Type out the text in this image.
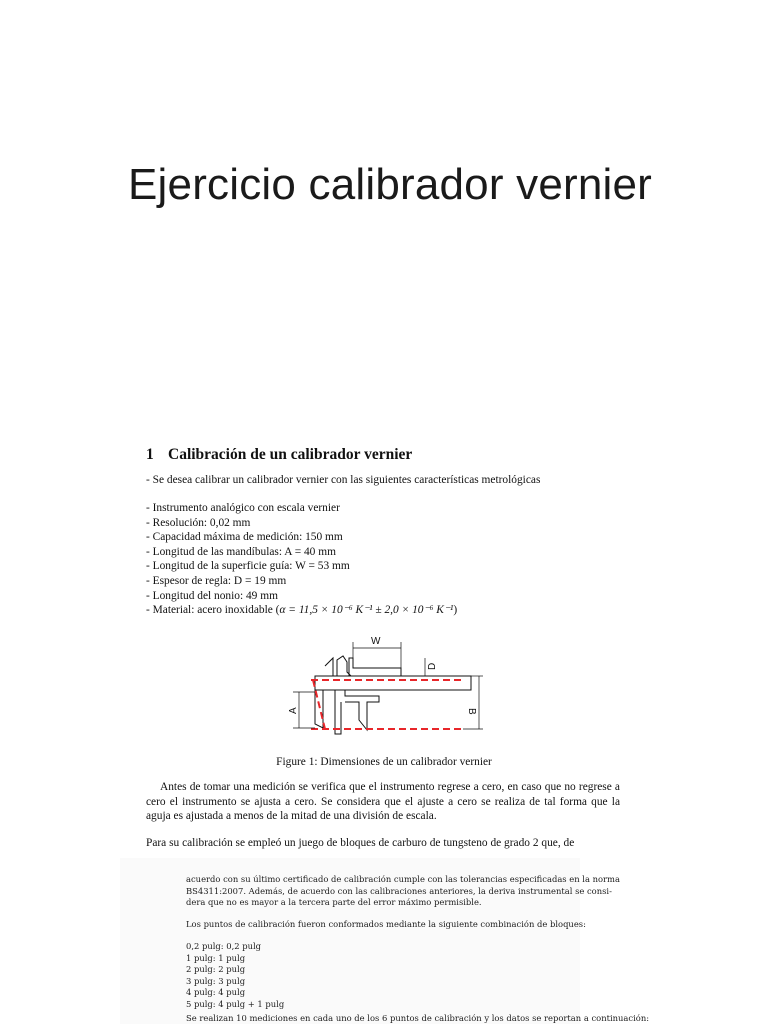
Ejercicio calibrador vernier
1 Calibración de un calibrador vernier
- Se desea calibrar un calibrador vernier con las siguientes características metrológicas
- Instrumento analógico con escala vernier
- Resolución: 0,02 mm
- Capacidad máxima de medición: 150 mm
- Longitud de las mandíbulas: A = 40 mm
- Longitud de la superficie guía: W = 53 mm
- Espesor de regla: D = 19 mm
- Longitud del nonio: 49 mm
- Material: acero inoxidable (α = 11,5 × 10⁻⁶ K⁻¹ ± 2,0 × 10⁻⁶ K⁻¹)
W
D
A	B
Figure 1: Dimensiones de un calibrador vernier
Antes de tomar una medición se verifica que el instrumento regrese a cero, en caso que no regrese a cero el instrumento se ajusta a cero. Se considera que el ajuste a cero se realiza de tal forma que la aguja es ajustada a menos de la mitad de una división de escala.
Para su calibración se empleó un juego de bloques de carburo de tungsteno de grado 2 que, de
acuerdo con su último certificado de calibración cumple con las tolerancias especificadas en la norma
BS4311:2007. Además, de acuerdo con las calibraciones anteriores, la deriva instrumental se consi-
dera que no es mayor a la tercera parte del error máximo permisible.
Los puntos de calibración fueron conformados mediante la siguiente combinación de bloques:
0,2 pulg: 0,2 pulg
1 pulg: 1 pulg
2 pulg: 2 pulg
3 pulg: 3 pulg
4 pulg: 4 pulg
5 pulg: 4 pulg + 1 pulg
Se realizan 10 mediciones en cada uno de los 6 puntos de calibración y los datos se reportan a continuación:
